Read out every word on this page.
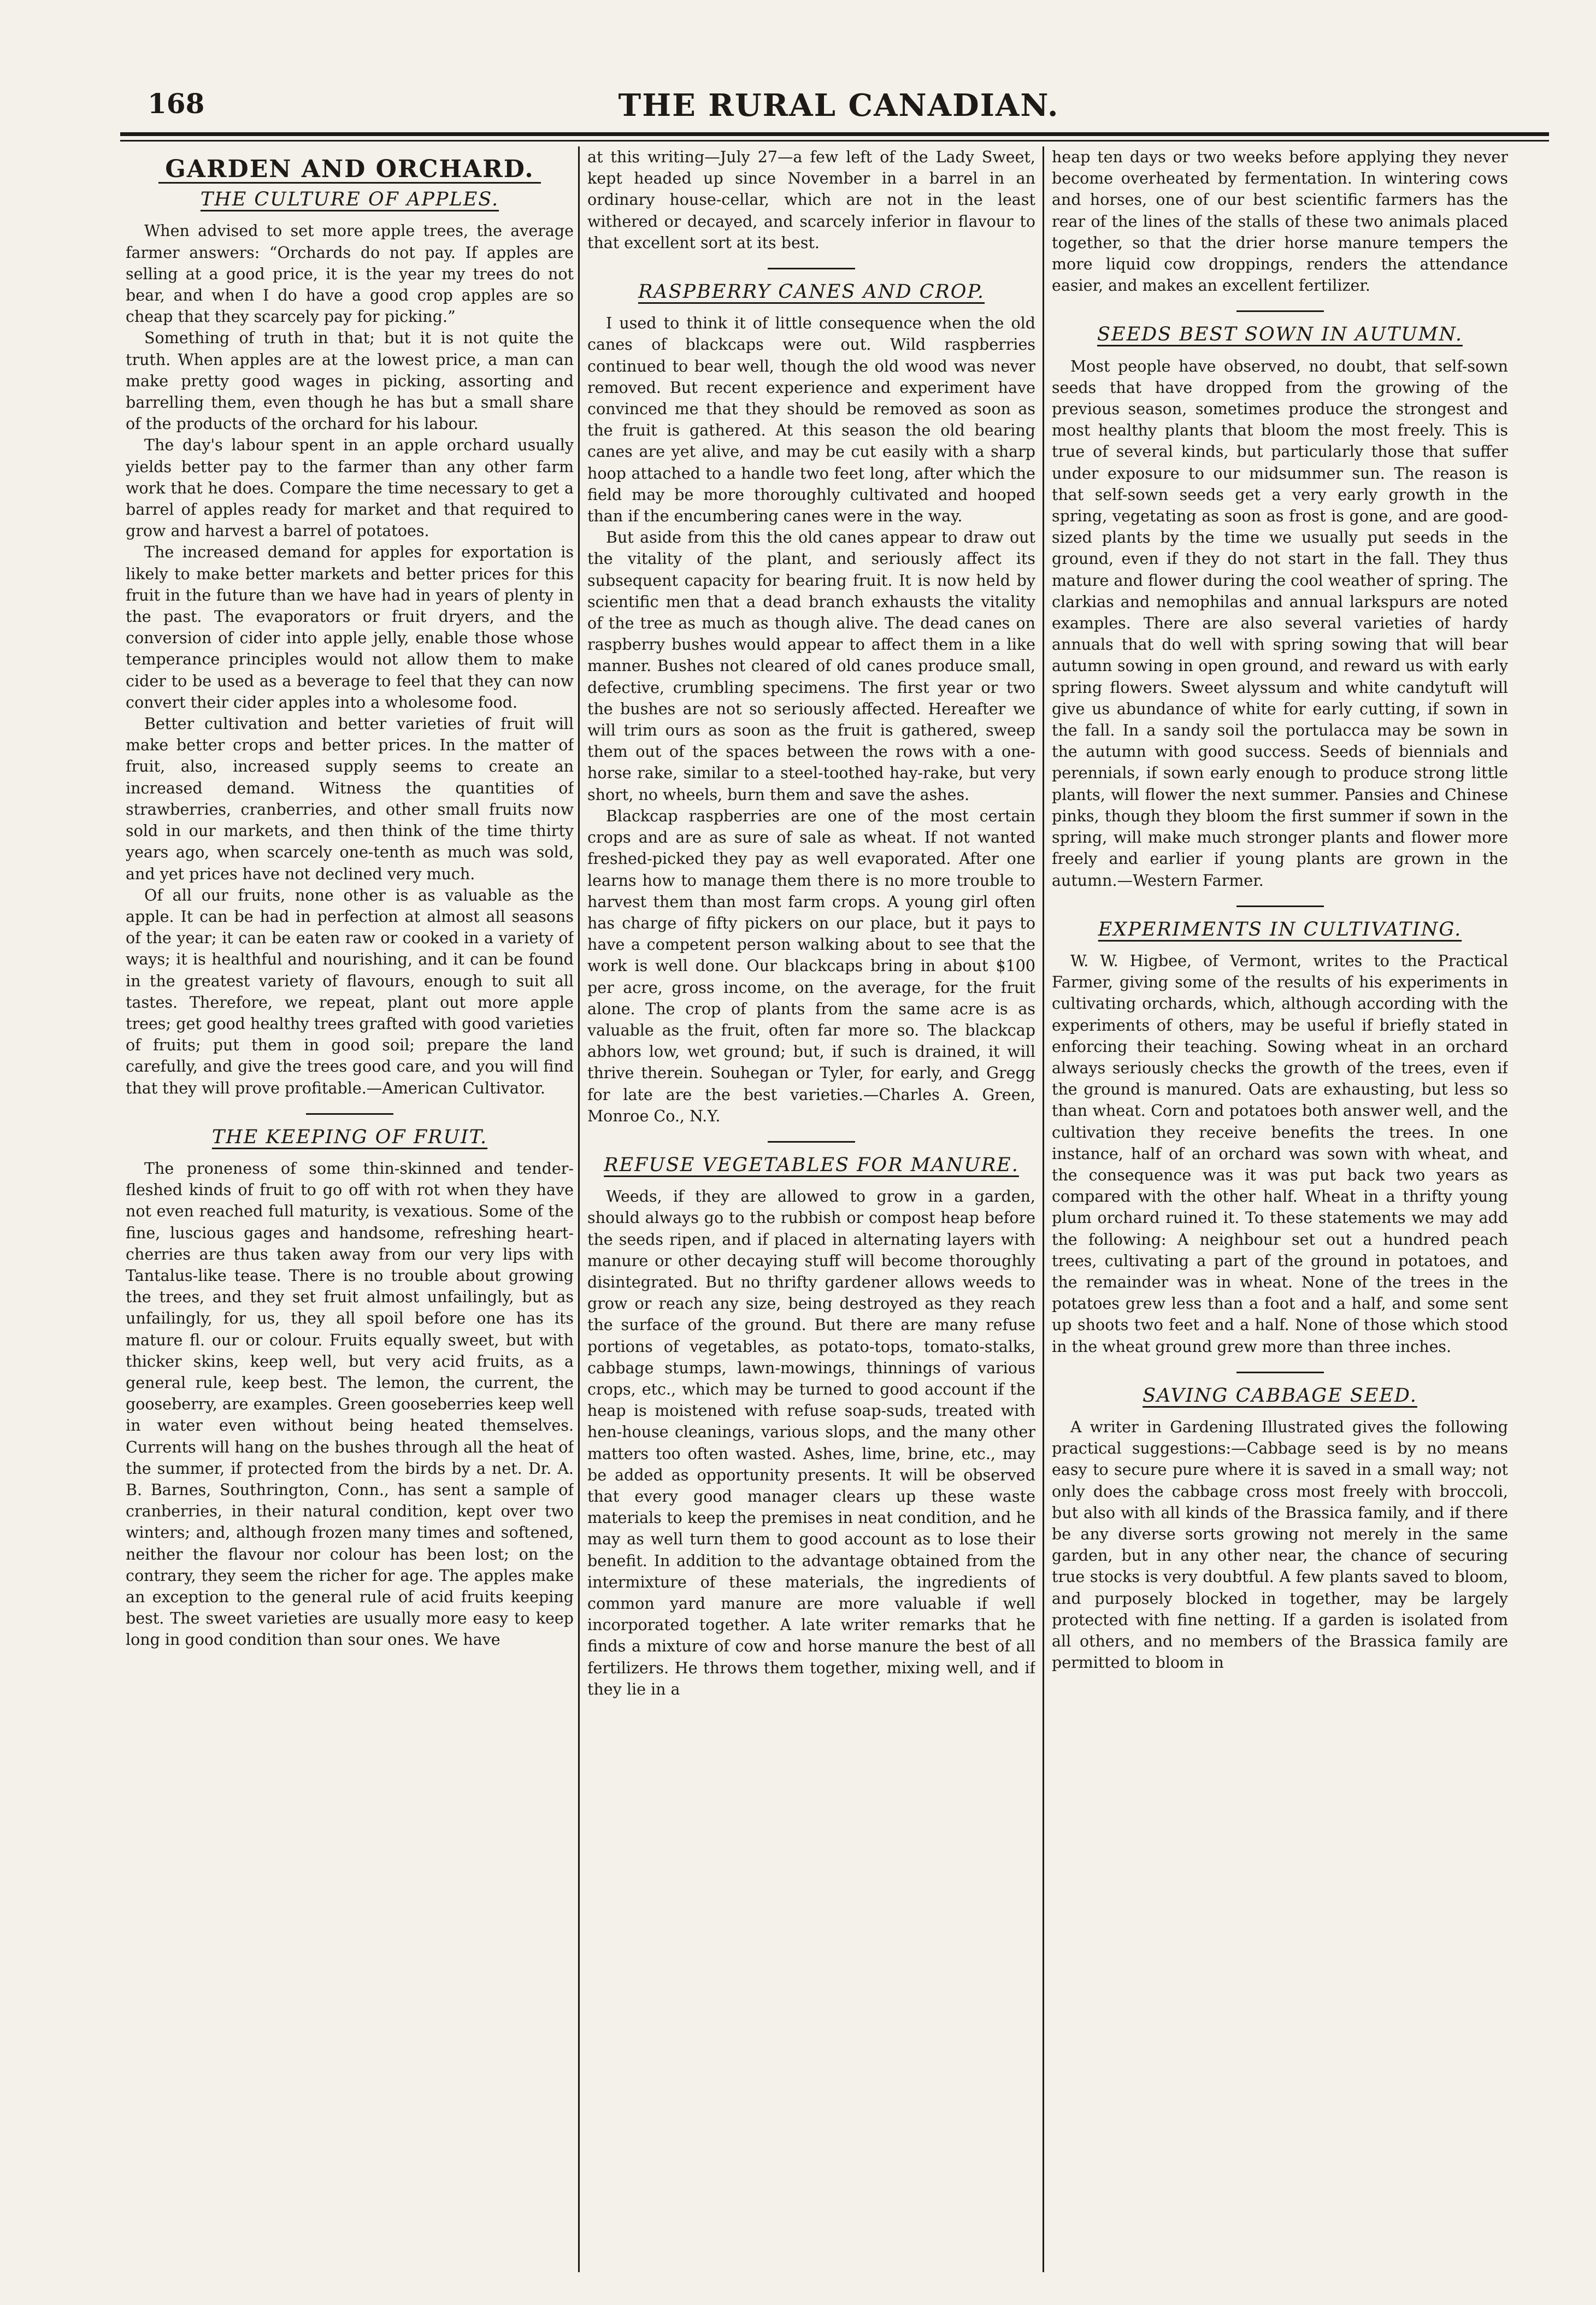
168	THE RURAL CANADIAN.
GARDEN AND ORCHARD.
THE CULTURE OF APPLES.

When advised to set more apple trees, the average farmer answers: “Orchards do not pay. If apples are selling at a good price, it is the year my trees do not bear, and when I do have a good crop apples are so cheap that they scarcely pay for picking.”

Something of truth in that; but it is not quite the truth. When apples are at the lowest price, a man can make pretty good wages in picking, assorting and barrelling them, even though he has but a small share of the products of the orchard for his labour.

The day's labour spent in an apple orchard usually yields better pay to the farmer than any other farm work that he does. Compare the time necessary to get a barrel of apples ready for market and that required to grow and harvest a barrel of potatoes.

The increased demand for apples for exportation is likely to make better markets and better prices for this fruit in the future than we have had in years of plenty in the past. The evaporators or fruit dryers, and the conversion of cider into apple jelly, enable those whose temperance principles would not allow them to make cider to be used as a beverage to feel that they can now convert their cider apples into a wholesome food.

Better cultivation and better varieties of fruit will make better crops and better prices. In the matter of fruit, also, increased supply seems to create an increased demand. Witness the quantities of strawberries, cranberries, and other small fruits now sold in our markets, and then think of the time thirty years ago, when scarcely one-tenth as much was sold, and yet prices have not declined very much.

Of all our fruits, none other is as valuable as the apple. It can be had in perfection at almost all seasons of the year; it can be eaten raw or cooked in a variety of ways; it is healthful and nourishing, and it can be found in the greatest variety of flavours, enough to suit all tastes. Therefore, we repeat, plant out more apple trees; get good healthy trees grafted with good varieties of fruits; put them in good soil; prepare the land carefully, and give the trees good care, and you will find that they will prove profitable.—American Cultivator.

THE KEEPING OF FRUIT.

The proneness of some thin-skinned and tender-fleshed kinds of fruit to go off with rot when they have not even reached full maturity, is vexatious. Some of the fine, luscious gages and handsome, refreshing heart-cherries are thus taken away from our very lips with Tantalus-like tease. There is no trouble about growing the trees, and they set fruit almost unfailingly, but as unfailingly, for us, they all spoil before one has its mature fl. our or colour. Fruits equally sweet, but with thicker skins, keep well, but very acid fruits, as a general rule, keep best. The lemon, the current, the gooseberry, are examples. Green gooseberries keep well in water even without being heated themselves. Currents will hang on the bushes through all the heat of the summer, if protected from the birds by a net. Dr. A. B. Barnes, Southrington, Conn., has sent a sample of cranberries, in their natural condition, kept over two winters; and, although frozen many times and softened, neither the flavour nor colour has been lost; on the contrary, they seem the richer for age. The apples make an exception to the general rule of acid fruits keeping best. The sweet varieties are usually more easy to keep long in good condition than sour ones. We have

at this writing—July 27—a few left of the Lady Sweet, kept headed up since November in a barrel in an ordinary house-cellar, which are not in the least withered or decayed, and scarcely inferior in flavour to that excellent sort at its best.

RASPBERRY CANES AND CROP.

I used to think it of little consequence when the old canes of blackcaps were out. Wild raspberries continued to bear well, though the old wood was never removed. But recent experience and experiment have convinced me that they should be removed as soon as the fruit is gathered. At this season the old bearing canes are yet alive, and may be cut easily with a sharp hoop attached to a handle two feet long, after which the field may be more thoroughly cultivated and hooped than if the encumbering canes were in the way.

But aside from this the old canes appear to draw out the vitality of the plant, and seriously affect its subsequent capacity for bearing fruit. It is now held by scientific men that a dead branch exhausts the vitality of the tree as much as though alive. The dead canes on raspberry bushes would appear to affect them in a like manner. Bushes not cleared of old canes produce small, defective, crumbling specimens. The first year or two the bushes are not so seriously affected. Hereafter we will trim ours as soon as the fruit is gathered, sweep them out of the spaces between the rows with a one-horse rake, similar to a steel-toothed hay-rake, but very short, no wheels, burn them and save the ashes.

Blackcap raspberries are one of the most certain crops and are as sure of sale as wheat. If not wanted freshed-picked they pay as well evaporated. After one learns how to manage them there is no more trouble to harvest them than most farm crops. A young girl often has charge of fifty pickers on our place, but it pays to have a competent person walking about to see that the work is well done. Our blackcaps bring in about $100 per acre, gross income, on the average, for the fruit alone. The crop of plants from the same acre is as valuable as the fruit, often far more so. The blackcap abhors low, wet ground; but, if such is drained, it will thrive therein. Souhegan or Tyler, for early, and Gregg for late are the best varieties.—Charles A. Green, Monroe Co., N.Y.

REFUSE VEGETABLES FOR MANURE.

Weeds, if they are allowed to grow in a garden, should always go to the rubbish or compost heap before the seeds ripen, and if placed in alternating layers with manure or other decaying stuff will become thoroughly disintegrated. But no thrifty gardener allows weeds to grow or reach any size, being destroyed as they reach the surface of the ground. But there are many refuse portions of vegetables, as potato-tops, tomato-stalks, cabbage stumps, lawn-mowings, thinnings of various crops, etc., which may be turned to good account if the heap is moistened with refuse soap-suds, treated with hen-house cleanings, various slops, and the many other matters too often wasted. Ashes, lime, brine, etc., may be added as opportunity presents. It will be observed that every good manager clears up these waste materials to keep the premises in neat condition, and he may as well turn them to good account as to lose their benefit. In addition to the advantage obtained from the intermixture of these materials, the ingredients of common yard manure are more valuable if well incorporated together. A late writer remarks that he finds a mixture of cow and horse manure the best of all fertilizers. He throws them together, mixing well, and if they lie in a

heap ten days or two weeks before applying they never become overheated by fermentation. In wintering cows and horses, one of our best scientific farmers has the rear of the lines of the stalls of these two animals placed together, so that the drier horse manure tempers the more liquid cow droppings, renders the attendance easier, and makes an excellent fertilizer.

SEEDS BEST SOWN IN AUTUMN.

Most people have observed, no doubt, that self-sown seeds that have dropped from the growing of the previous season, sometimes produce the strongest and most healthy plants that bloom the most freely. This is true of several kinds, but particularly those that suffer under exposure to our midsummer sun. The reason is that self-sown seeds get a very early growth in the spring, vegetating as soon as frost is gone, and are good-sized plants by the time we usually put seeds in the ground, even if they do not start in the fall. They thus mature and flower during the cool weather of spring. The clarkias and nemophilas and annual larkspurs are noted examples. There are also several varieties of hardy annuals that do well with spring sowing that will bear autumn sowing in open ground, and reward us with early spring flowers. Sweet alyssum and white candytuft will give us abundance of white for early cutting, if sown in the fall. In a sandy soil the portulacca may be sown in the autumn with good success. Seeds of biennials and perennials, if sown early enough to produce strong little plants, will flower the next summer. Pansies and Chinese pinks, though they bloom the first summer if sown in the spring, will make much stronger plants and flower more freely and earlier if young plants are grown in the autumn.—Western Farmer.

EXPERIMENTS IN CULTIVATING.

W. W. Higbee, of Vermont, writes to the Practical Farmer, giving some of the results of his experiments in cultivating orchards, which, although according with the experiments of others, may be useful if briefly stated in enforcing their teaching. Sowing wheat in an orchard always seriously checks the growth of the trees, even if the ground is manured. Oats are exhausting, but less so than wheat. Corn and potatoes both answer well, and the cultivation they receive benefits the trees. In one instance, half of an orchard was sown with wheat, and the consequence was it was put back two years as compared with the other half. Wheat in a thrifty young plum orchard ruined it. To these statements we may add the following: A neighbour set out a hundred peach trees, cultivating a part of the ground in potatoes, and the remainder was in wheat. None of the trees in the potatoes grew less than a foot and a half, and some sent up shoots two feet and a half. None of those which stood in the wheat ground grew more than three inches.

SAVING CABBAGE SEED.

A writer in Gardening Illustrated gives the following practical suggestions:—Cabbage seed is by no means easy to secure pure where it is saved in a small way; not only does the cabbage cross most freely with broccoli, but also with all kinds of the Brassica family, and if there be any diverse sorts growing not merely in the same garden, but in any other near, the chance of securing true stocks is very doubtful. A few plants saved to bloom, and purposely blocked in together, may be largely protected with fine netting. If a garden is isolated from all others, and no members of the Brassica family are permitted to bloom in
